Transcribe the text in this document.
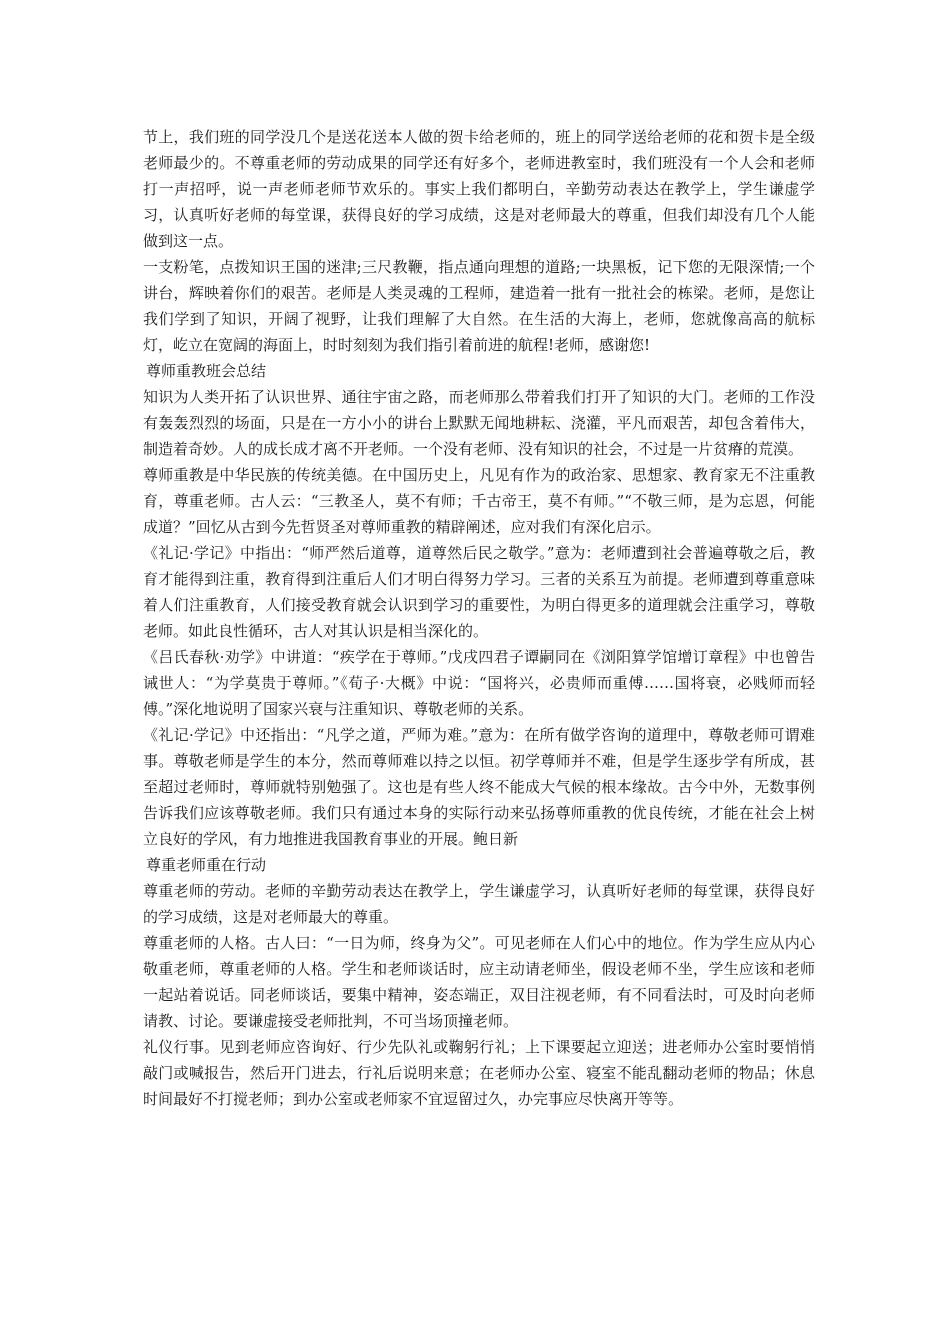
节上，我们班的同学没几个是送花送本人做的贺卡给老师的，班上的同学送给老师的花和贺卡是全级老师最少的。不尊重老师的劳动成果的同学还有好多个，老师进教室时，我们班没有一个人会和老师打一声招呼，说一声老师老师节欢乐的。事实上我们都明白，辛勤劳动表达在教学上，学生谦虚学习，认真听好老师的每堂课，获得良好的学习成绩，这是对老师最大的尊重，但我们却没有几个人能做到这一点。

一支粉笔，点拨知识王国的迷津;三尺教鞭，指点通向理想的道路;一块黑板，记下您的无限深情;一个讲台，辉映着你们的艰苦。老师是人类灵魂的工程师，建造着一批有一批社会的栋梁。老师，是您让我们学到了知识，开阔了视野，让我们理解了大自然。在生活的大海上，老师，您就像高高的航标灯，屹立在宽阔的海面上，时时刻刻为我们指引着前进的航程!老师，感谢您!

尊师重教班会总结

知识为人类开拓了认识世界、通往宇宙之路，而老师那么带着我们打开了知识的大门。老师的工作没有轰轰烈烈的场面，只是在一方小小的讲台上默默无闻地耕耘、浇灌，平凡而艰苦，却包含着伟大，制造着奇妙。人的成长成才离不开老师。一个没有老师、没有知识的社会，不过是一片贫瘠的荒漠。

尊师重教是中华民族的传统美德。在中国历史上，凡见有作为的政治家、思想家、教育家无不注重教育，尊重老师。古人云：“三教圣人，莫不有师；千古帝王，莫不有师。”“不敬三师，是为忘恩，何能成道？”回忆从古到今先哲贤圣对尊师重教的精辟阐述，应对我们有深化启示。

《礼记·学记》中指出：“师严然后道尊，道尊然后民之敬学。”意为：老师遭到社会普遍尊敬之后，教育才能得到注重，教育得到注重后人们才明白得努力学习。三者的关系互为前提。老师遭到尊重意味着人们注重教育，人们接受教育就会认识到学习的重要性，为明白得更多的道理就会注重学习，尊敬老师。如此良性循环，古人对其认识是相当深化的。

《吕氏春秋·劝学》中讲道：“疾学在于尊师。”戊戌四君子谭嗣同在《浏阳算学馆增订章程》中也曾告诫世人：“为学莫贵于尊师。”《荀子·大概》中说：“国将兴，必贵师而重傅……国将衰，必贱师而轻傅。”深化地说明了国家兴衰与注重知识、尊敬老师的关系。

《礼记·学记》中还指出：“凡学之道，严师为难。”意为：在所有做学咨询的道理中，尊敬老师可谓难事。尊敬老师是学生的本分，然而尊师难以持之以恒。初学尊师并不难，但是学生逐步学有所成，甚至超过老师时，尊师就特别勉强了。这也是有些人终不能成大气候的根本缘故。古今中外，无数事例告诉我们应该尊敬老师。我们只有通过本身的实际行动来弘扬尊师重教的优良传统，才能在社会上树立良好的学风，有力地推进我国教育事业的开展。鲍日新

尊重老师重在行动

尊重老师的劳动。老师的辛勤劳动表达在教学上，学生谦虚学习，认真听好老师的每堂课，获得良好的学习成绩，这是对老师最大的尊重。

尊重老师的人格。古人曰：“一日为师，终身为父”。可见老师在人们心中的地位。作为学生应从内心敬重老师，尊重老师的人格。学生和老师谈话时，应主动请老师坐，假设老师不坐，学生应该和老师一起站着说话。同老师谈话，要集中精神，姿态端正，双目注视老师，有不同看法时，可及时向老师请教、讨论。要谦虚接受老师批判，不可当场顶撞老师。

礼仪行事。见到老师应咨询好、行少先队礼或鞠躬行礼；上下课要起立迎送；进老师办公室时要悄悄敲门或喊报告，然后开门进去，行礼后说明来意；在老师办公室、寝室不能乱翻动老师的物品；休息时间最好不打搅老师；到办公室或老师家不宜逗留过久，办完事应尽快离开等等。
